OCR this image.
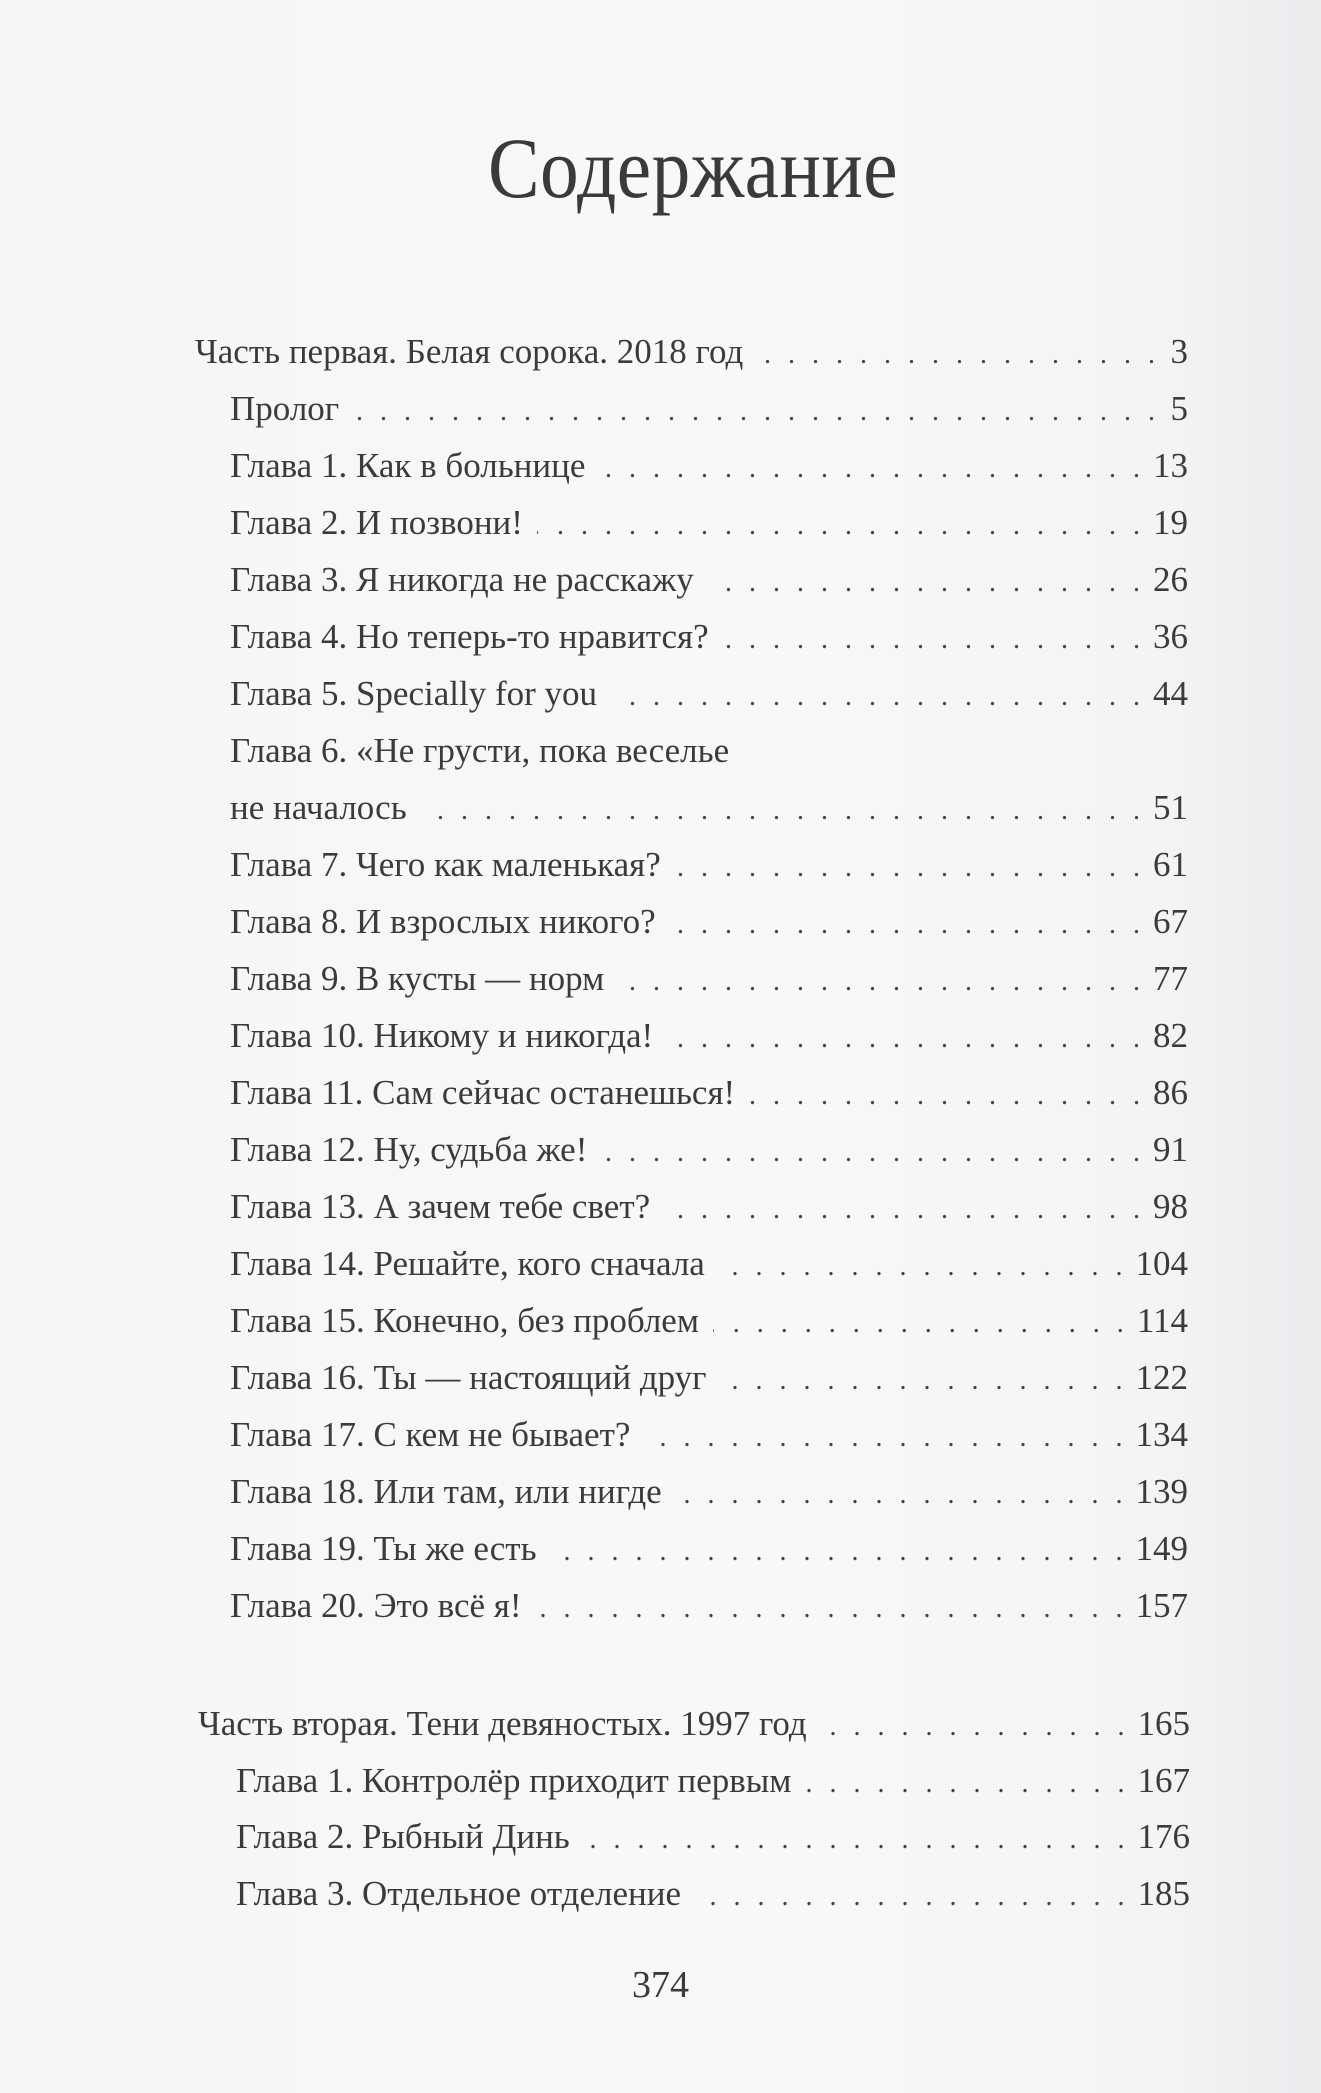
Содержание
Часть первая. Белая сорока. 2018 год . . .	3
Пролог . . .	5
Глава 1. Как в больнице . . .	13
Глава 2. И позвони! . . .	19
Глава 3. Я никогда не расскажу . . .	26
Глава 4. Но теперь-то нравится? . . .	36
Глава 5. Specially for you . . .	44
Глава 6. «Не грусти, пока веселье
не началось . . .	51
Глава 7. Чего как маленькая? . . .	61
Глава 8. И взрослых никого? . . .	67
Глава 9. В кусты — норм . . .	77
Глава 10. Никому и никогда! . . .	82
Глава 11. Сам сейчас останешься! . . .	86
Глава 12. Ну, судьба же! . . .	91
Глава 13. А зачем тебе свет? . . .	98
Глава 14. Решайте, кого сначала . . .	104
Глава 15. Конечно, без проблем . . .	114
Глава 16. Ты — настоящий друг . . .	122
Глава 17. С кем не бывает? . . .	134
Глава 18. Или там, или нигде . . .	139
Глава 19. Ты же есть . . .	149
Глава 20. Это всё я! . . .	157
Часть вторая. Тени девяностых. 1997 год . . .	165
Глава 1. Контролёр приходит первым . . .	167
Глава 2. Рыбный Динь . . .	176
Глава 3. Отдельное отделение . . .	185
374
